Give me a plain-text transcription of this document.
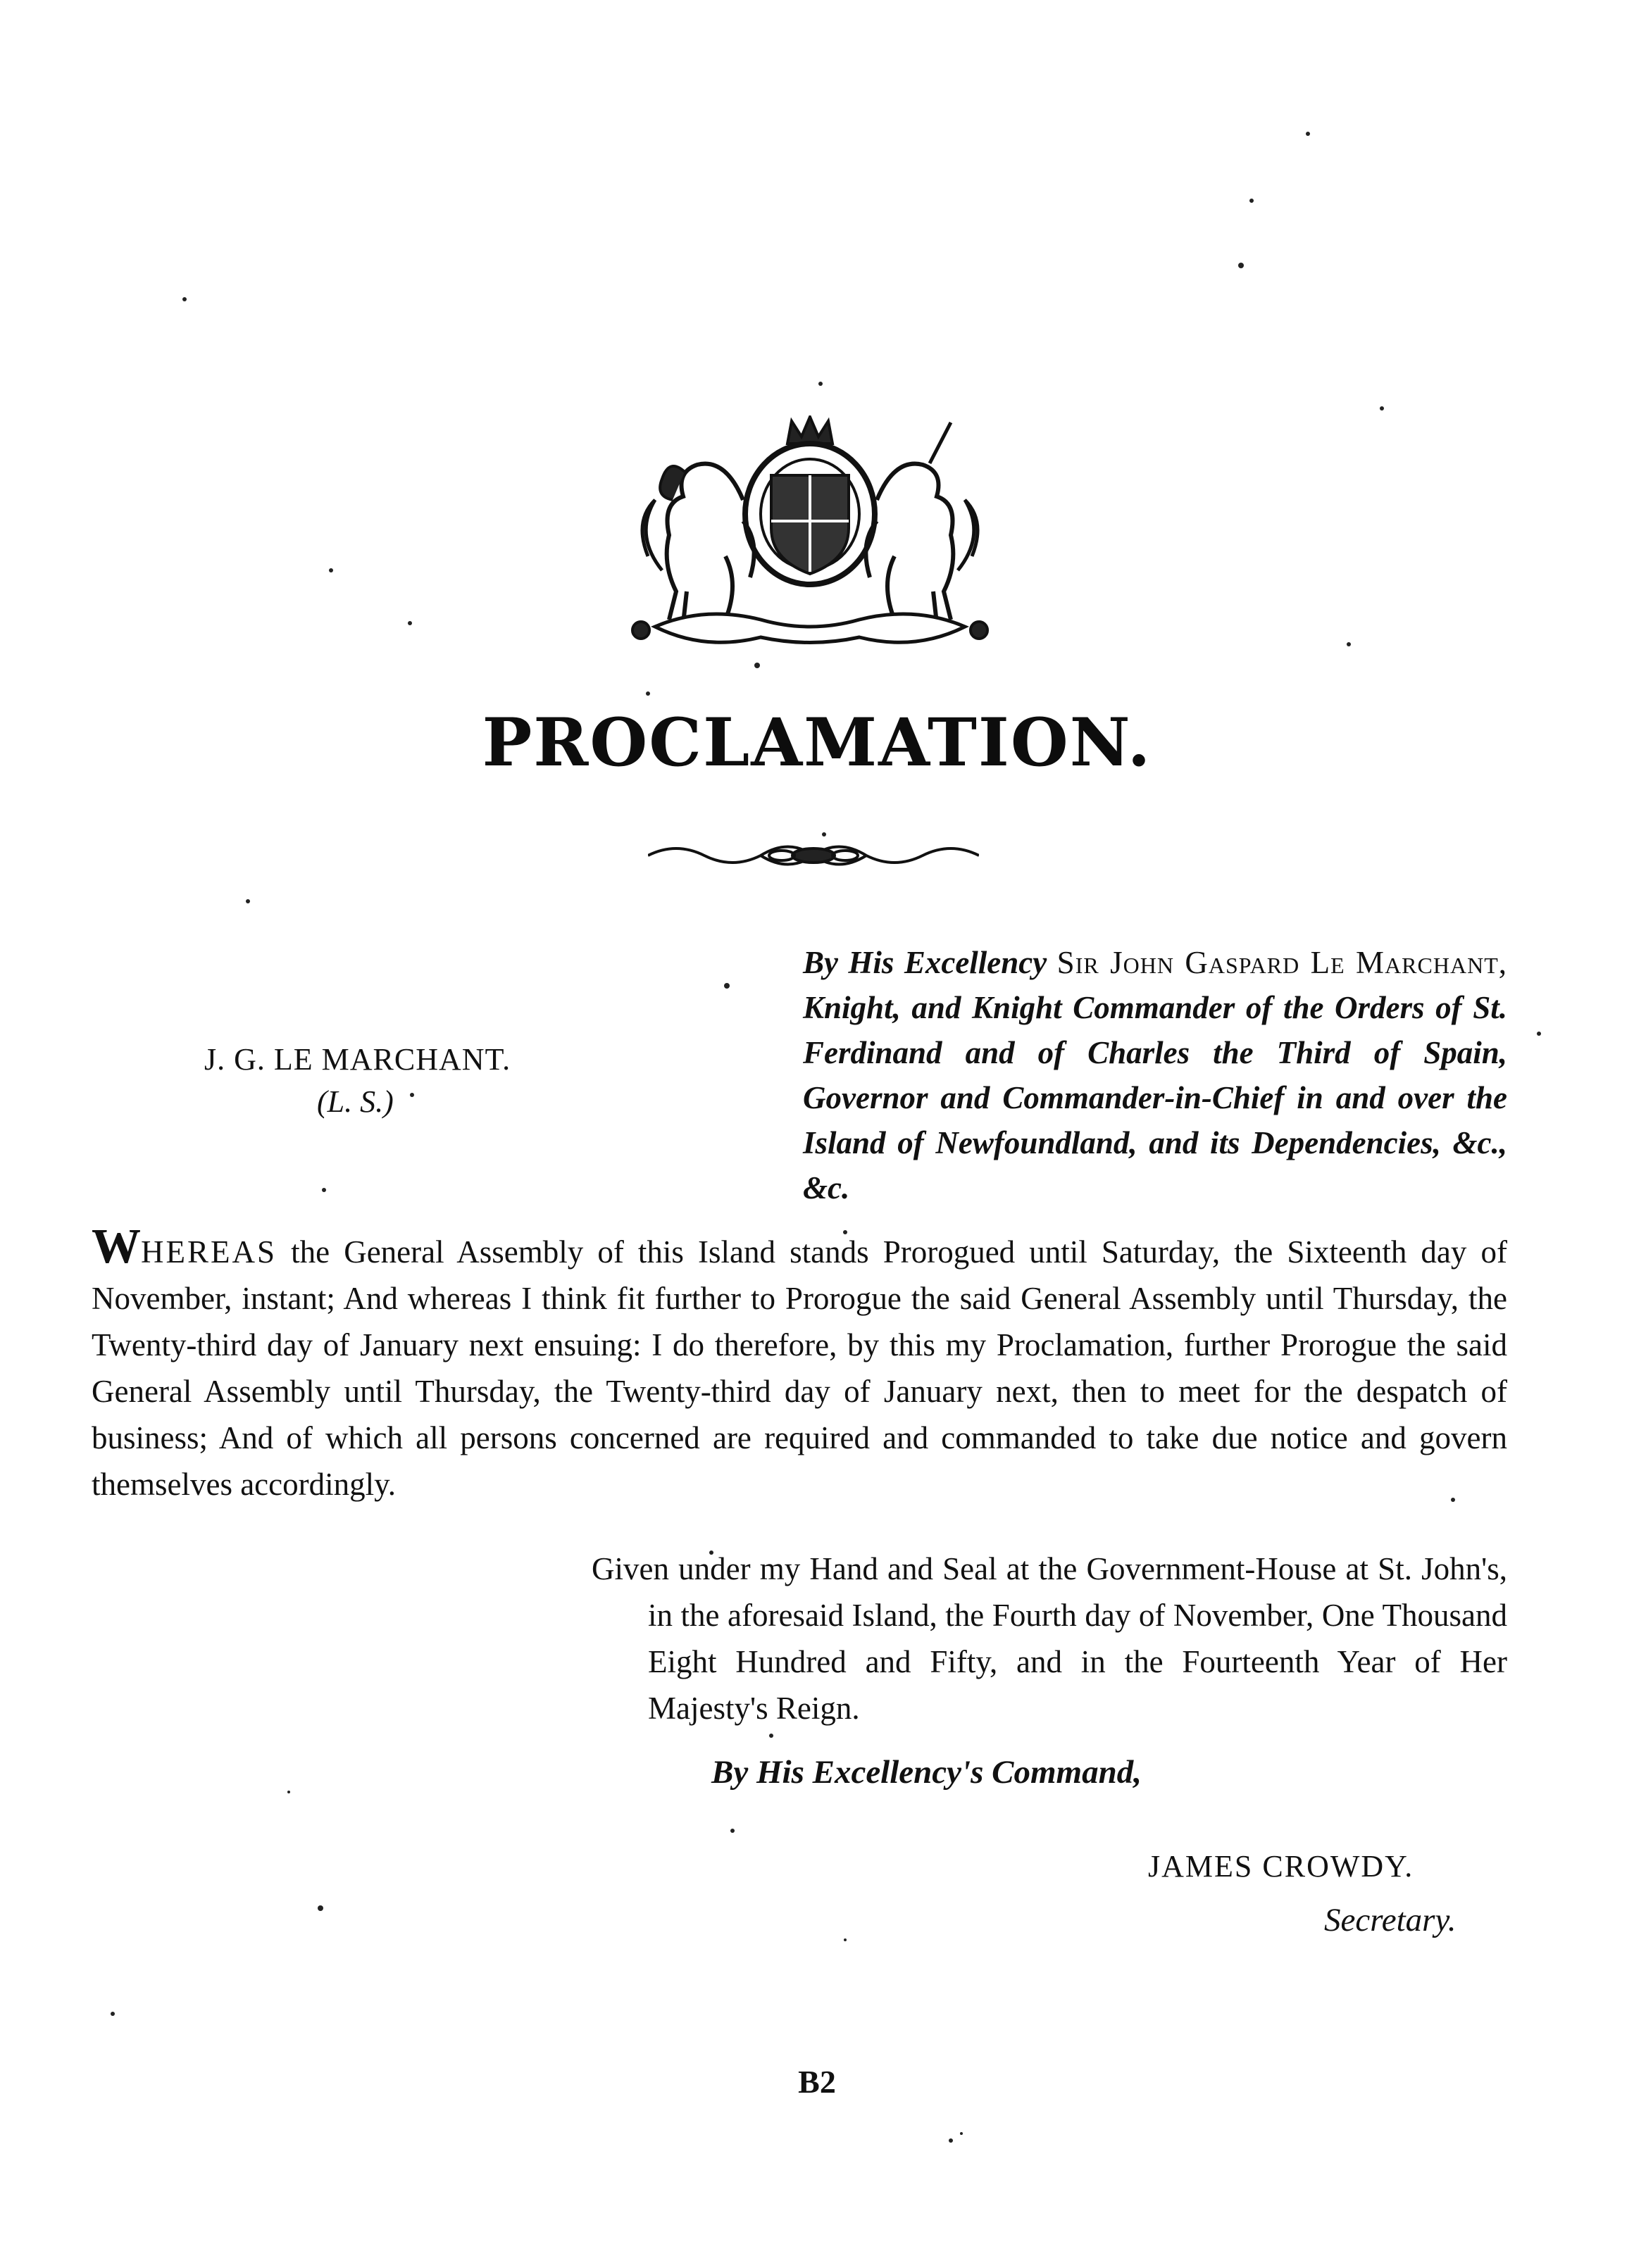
PROCLAMATION.
J. G. LE MARCHANT.
(L. S.)
By His Excellency Sir John Gaspard Le Marchant, Knight, and Knight Commander of the Orders of St. Ferdinand and of Charles the Third of Spain, Governor and Commander-in-Chief in and over the Island of Newfoundland, and its Dependencies, &c., &c.
WHEREAS the General Assembly of this Island stands Prorogued until Saturday, the Sixteenth day of November, instant; And whereas I think fit further to Prorogue the said General Assembly until Thursday, the Twenty-third day of January next ensuing: I do therefore, by this my Proclamation, further Prorogue the said General Assembly until Thursday, the Twenty-third day of January next, then to meet for the despatch of business; And of which all persons concerned are required and commanded to take due notice and govern themselves accordingly.
Given under my Hand and Seal at the Government-House at St. John's, in the aforesaid Island, the Fourth day of November, One Thousand Eight Hundred and Fifty, and in the Fourteenth Year of Her Majesty's Reign.
By His Excellency's Command,
JAMES CROWDY.
Secretary.
B2
